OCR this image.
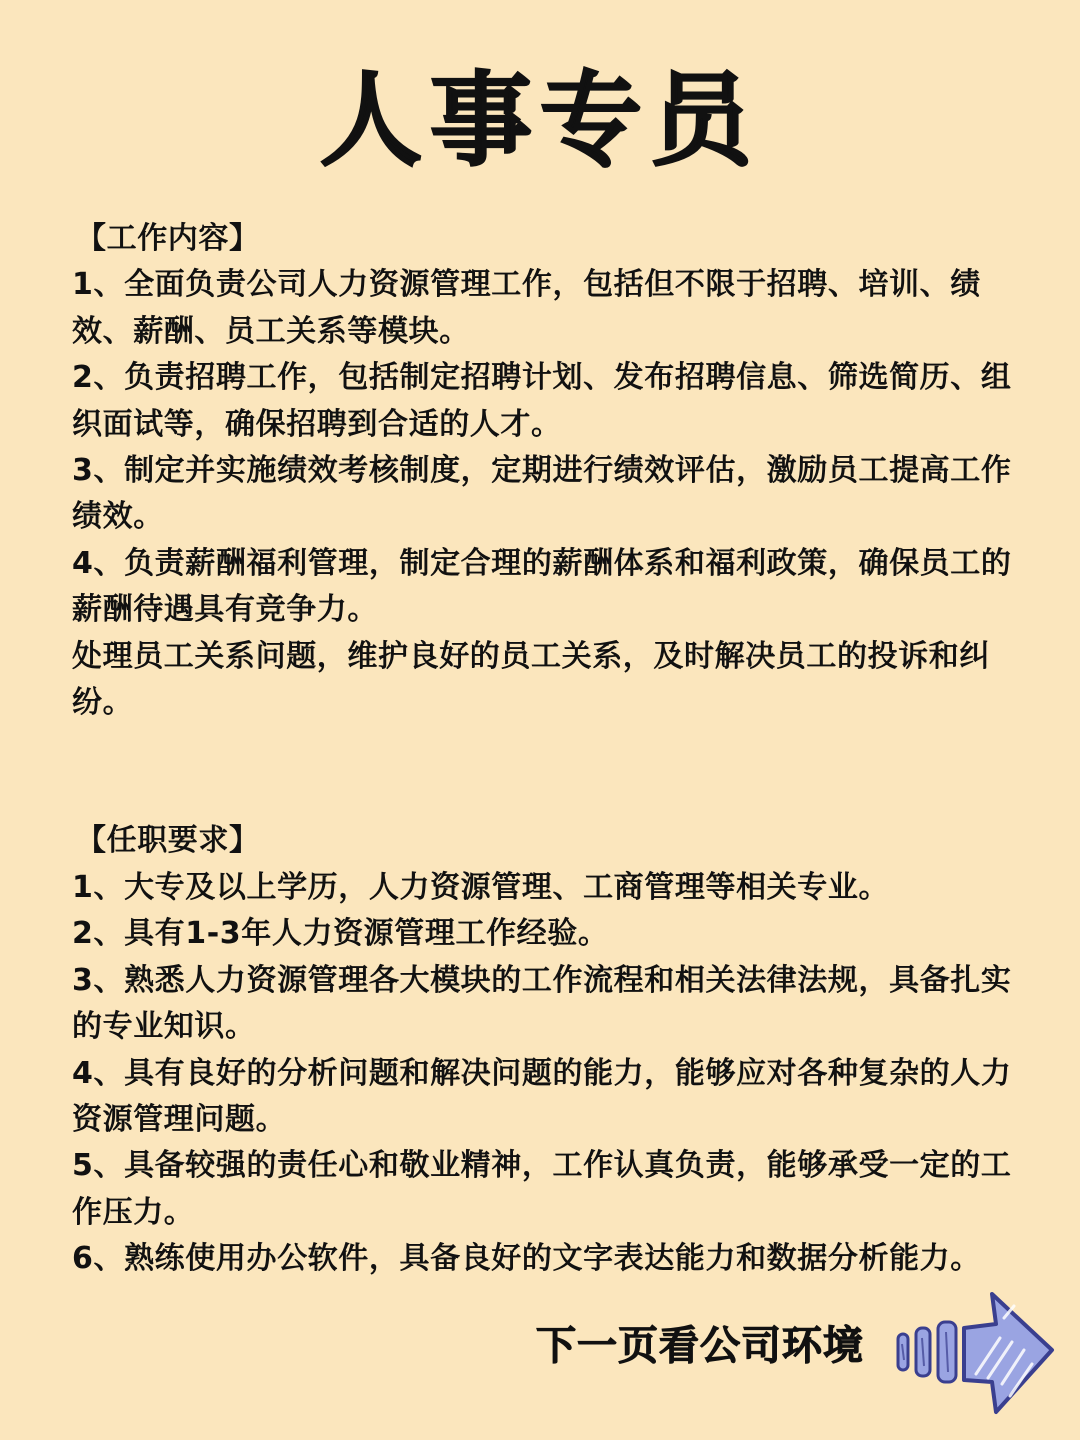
人事专员
【工作内容】

1、全面负责公司人力资源管理工作，包括但不限于招聘、培训、绩效、薪酬、员工关系等模块。

2、负责招聘工作，包括制定招聘计划、发布招聘信息、筛选简历、组织面试等，确保招聘到合适的人才。

3、制定并实施绩效考核制度，定期进行绩效评估，激励员工提高工作绩效。

4、负责薪酬福利管理，制定合理的薪酬体系和福利政策，确保员工的薪酬待遇具有竞争力。

处理员工关系问题，维护良好的员工关系，及时解决员工的投诉和纠纷。

【任职要求】

1、大专及以上学历，人力资源管理、工商管理等相关专业。

2、具有1-3年人力资源管理工作经验。

3、熟悉人力资源管理各大模块的工作流程和相关法律法规，具备扎实的专业知识。

4、具有良好的分析问题和解决问题的能力，能够应对各种复杂的人力资源管理问题。

5、具备较强的责任心和敬业精神，工作认真负责，能够承受一定的工作压力。

6、熟练使用办公软件，具备良好的文字表达能力和数据分析能力。

下一页看公司环境
